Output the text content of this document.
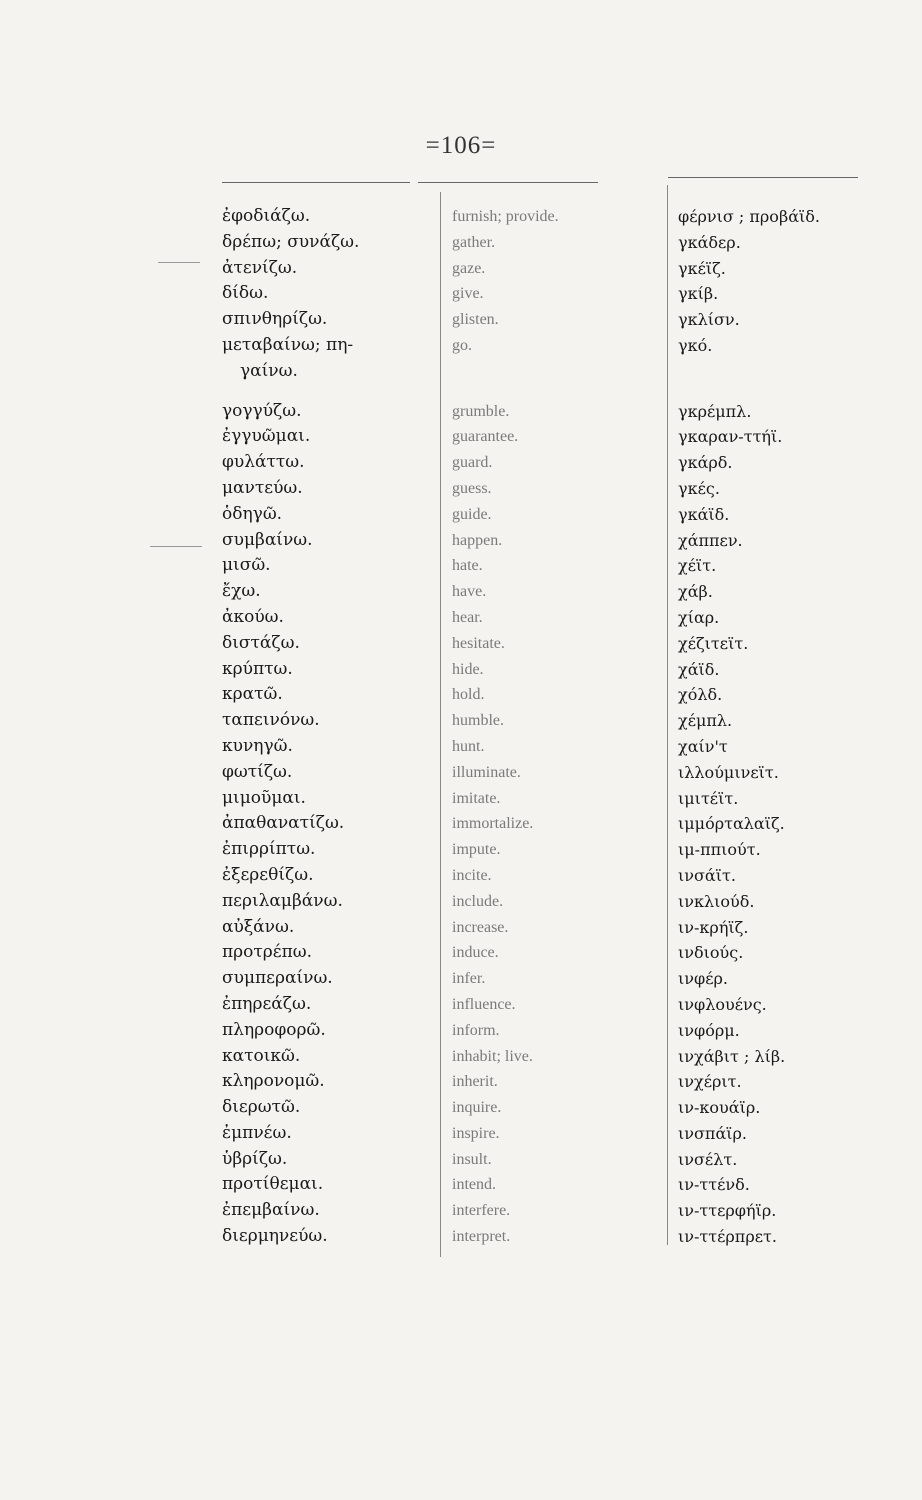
=106=
ἐφοδιάζω.
δρέπω; συνάζω.
ἀτενίζω.
δίδω.
σπινθηρίζω.
μεταβαίνω; πη-
γαίνω.
γογγύζω.
ἐγγυῶμαι.
φυλάττω.
μαντεύω.
ὁδηγῶ.
συμβαίνω.
μισῶ.
ἔχω.
ἀκούω.
διστάζω.
κρύπτω.
κρατῶ.
ταπεινόνω.
κυνηγῶ.
φωτίζω.
μιμοῦμαι.
ἀπαθανατίζω.
ἐπιρρίπτω.
ἐξερεθίζω.
περιλαμβάνω.
αὐξάνω.
προτρέπω.
συμπεραίνω.
ἐπηρεάζω.
πληροφορῶ.
κατοικῶ.
κληρονομῶ.
διερωτῶ.
ἐμπνέω.
ὑβρίζω.
προτίθεμαι.
ἐπεμβαίνω.
διερμηνεύω.
furnish; provide.
gather.
gaze.
give.
glisten.
go.
grumble.
guarantee.
guard.
guess.
guide.
happen.
hate.
have.
hear.
hesitate.
hide.
hold.
humble.
hunt.
illuminate.
imitate.
immortalize.
impute.
incite.
include.
increase.
induce.
infer.
influence.
inform.
inhabit; live.
inherit.
inquire.
inspire.
insult.
intend.
interfere.
interpret.
φέρνισ ; προβάϊδ.
γκάδερ.
γκέϊζ.
γκίβ.
γκλίσν.
γκό.
γκρέμπλ.
γκαραν-ττήϊ.
γκάρδ.
γκές.
γκάϊδ.
χάππεν.
χέϊτ.
χάβ.
χίαρ.
χέζιτεϊτ.
χάϊδ.
χόλδ.
χέμπλ.
χαίν'τ
ιλλούμινεϊτ.
ιμιτέϊτ.
ιμμόρταλαϊζ.
ιμ-ππιούτ.
ινσάϊτ.
ινκλιούδ.
ιν-κρήϊζ.
ινδιούς.
ινφέρ.
ινφλουένς.
ινφόρμ.
ινχάβιτ ; λίβ.
ινχέριτ.
ιν-κουάϊρ.
ινσπάϊρ.
ινσέλτ.
ιν-ττένδ.
ιν-ττερφήϊρ.
ιν-ττέρπρετ.
